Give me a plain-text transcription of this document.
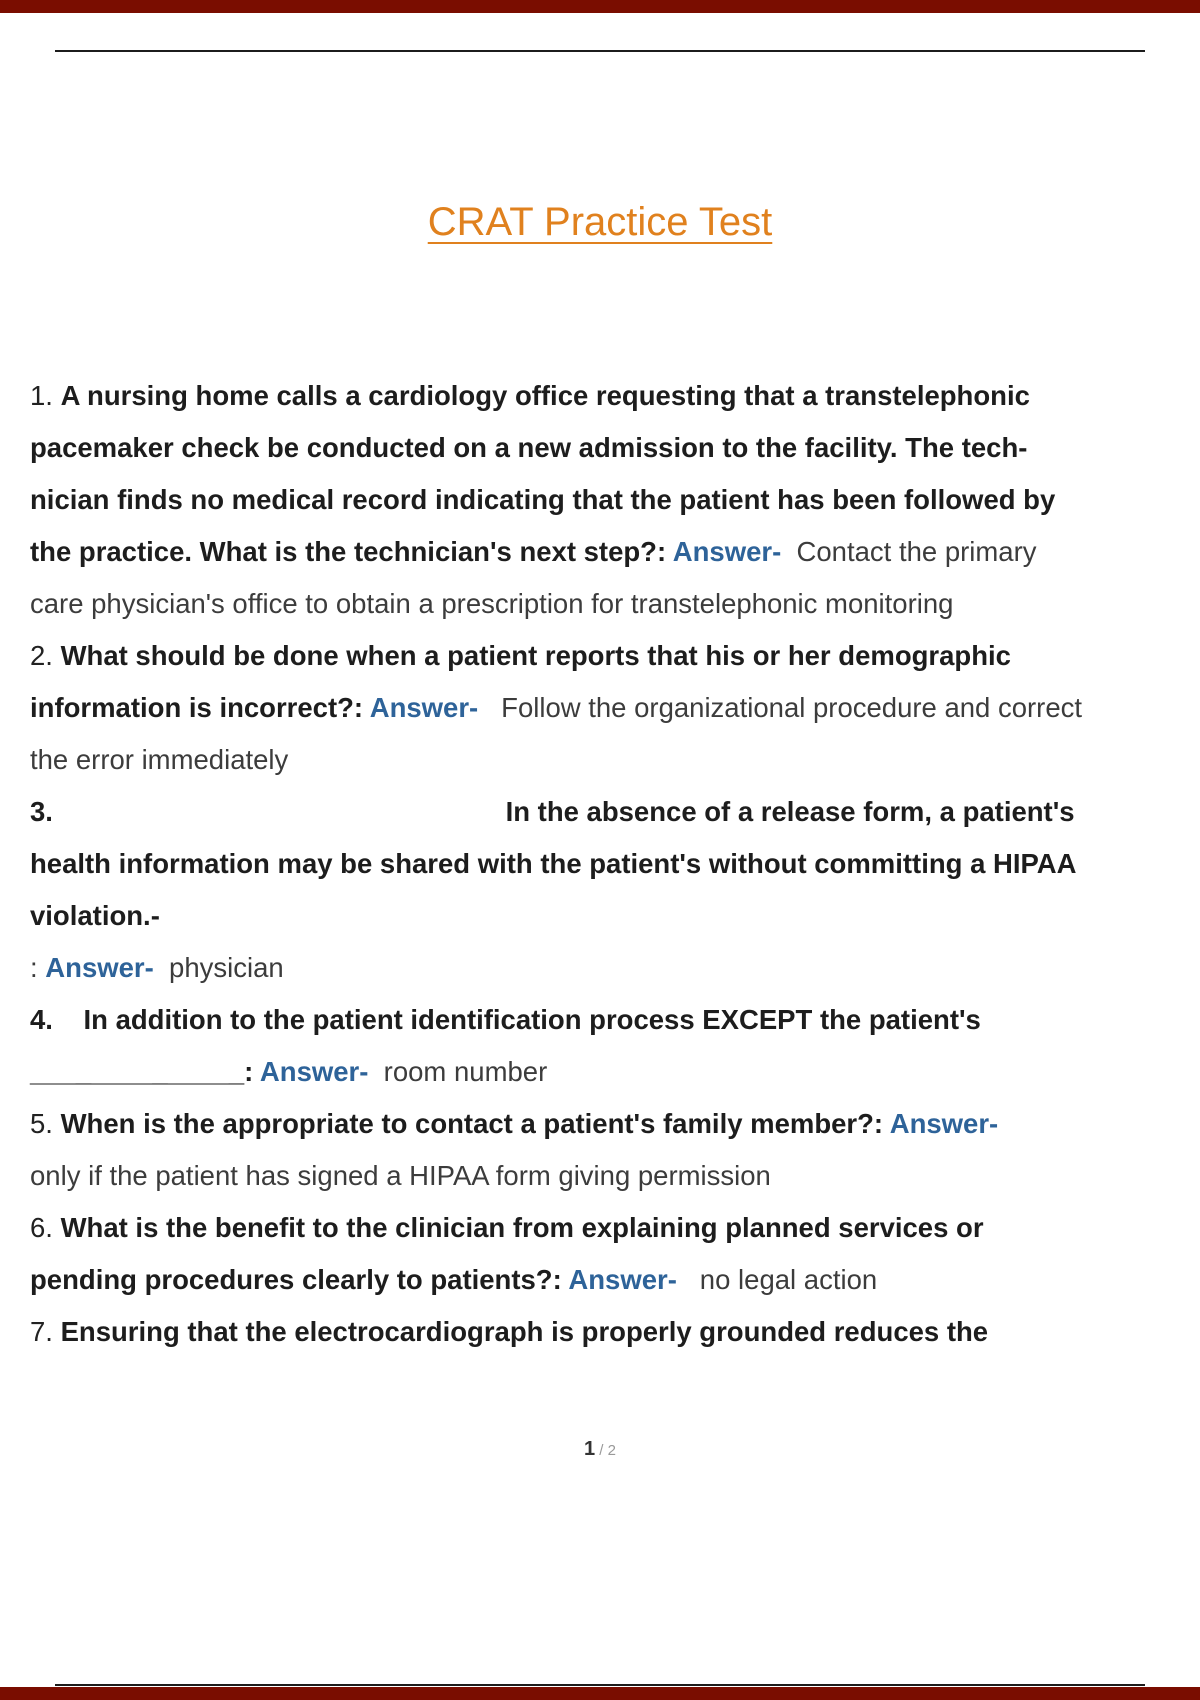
CRAT Practice Test

1. A nursing home calls a cardiology office requesting that a transtelephonic pacemaker check be conducted on a new admission to the facility. The tech- nician finds no medical record indicating that the patient has been followed by the practice. What is the technician's next step?: Answer-  Contact the primary care physician's office to obtain a prescription for transtelephonic monitoring

2. What should be done when a patient reports that his or her demographic information is incorrect?: Answer-   Follow the organizational procedure and correct the error immediately

3.	In the absence of a release form, a patient's health information may be shared with the patient's without committing a HIPAA violation.-
: Answer-  physician

4.    In addition to the patient identification process EXCEPT the patient's
______________: Answer-  room number

5. When is the appropriate to contact a patient's family member?: Answer-
only if the patient has signed a HIPAA form giving permission

6. What is the benefit to the clinician from explaining planned services or pending procedures clearly to patients?: Answer-   no legal action

7. Ensuring that the electrocardiograph is properly grounded reduces the

1 / 2
